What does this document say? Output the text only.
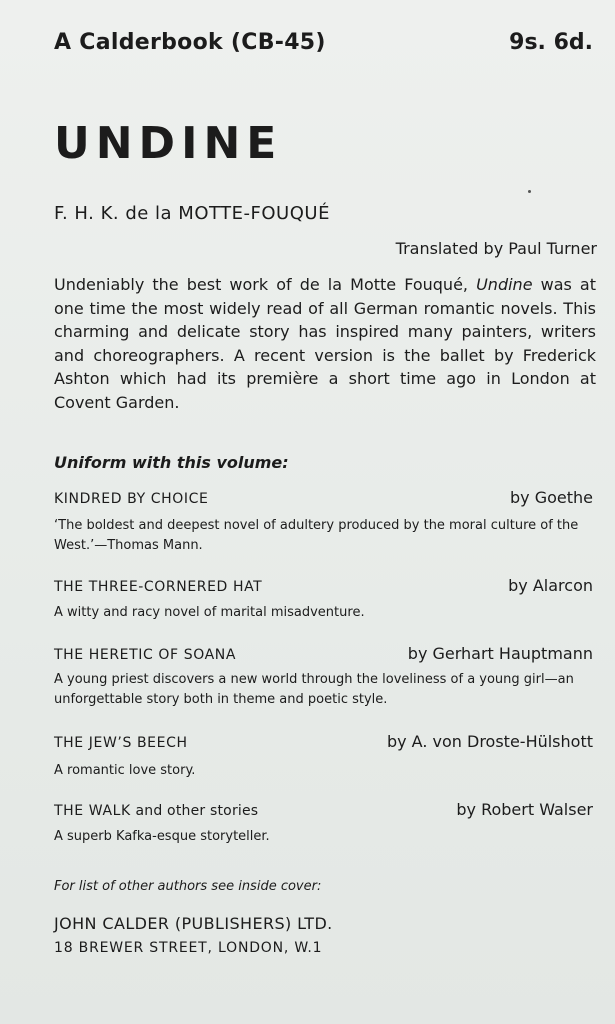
A Calderbook (CB-45)	9s. 6d.
UNDINE
F. H. K. de la MOTTE-FOUQUÉ
Translated by Paul Turner
Undeniably the best work of de la Motte Fouqué, Undine was at one time the most widely read of all German romantic novels. This charming and delicate story has inspired many painters, writers and choreographers. A recent version is the ballet by Frederick Ashton which had its première a short time ago in London at Covent Garden.
Uniform with this volume:
KINDRED BY CHOICE	by Goethe
‘The boldest and deepest novel of adultery produced by the moral culture of the West.’—Thomas Mann.
THE THREE-CORNERED HAT	by Alarcon
A witty and racy novel of marital misadventure.
THE HERETIC OF SOANA	by Gerhart Hauptmann
A young priest discovers a new world through the loveliness of a young girl—an unforgettable story both in theme and poetic style.
THE JEW’S BEECH	by A. von Droste-Hülshott
A romantic love story.
THE WALK and other stories	by Robert Walser
A superb Kafka-esque storyteller.
For list of other authors see inside cover:
JOHN CALDER (PUBLISHERS) LTD.
18 BREWER STREET, LONDON, W.1
